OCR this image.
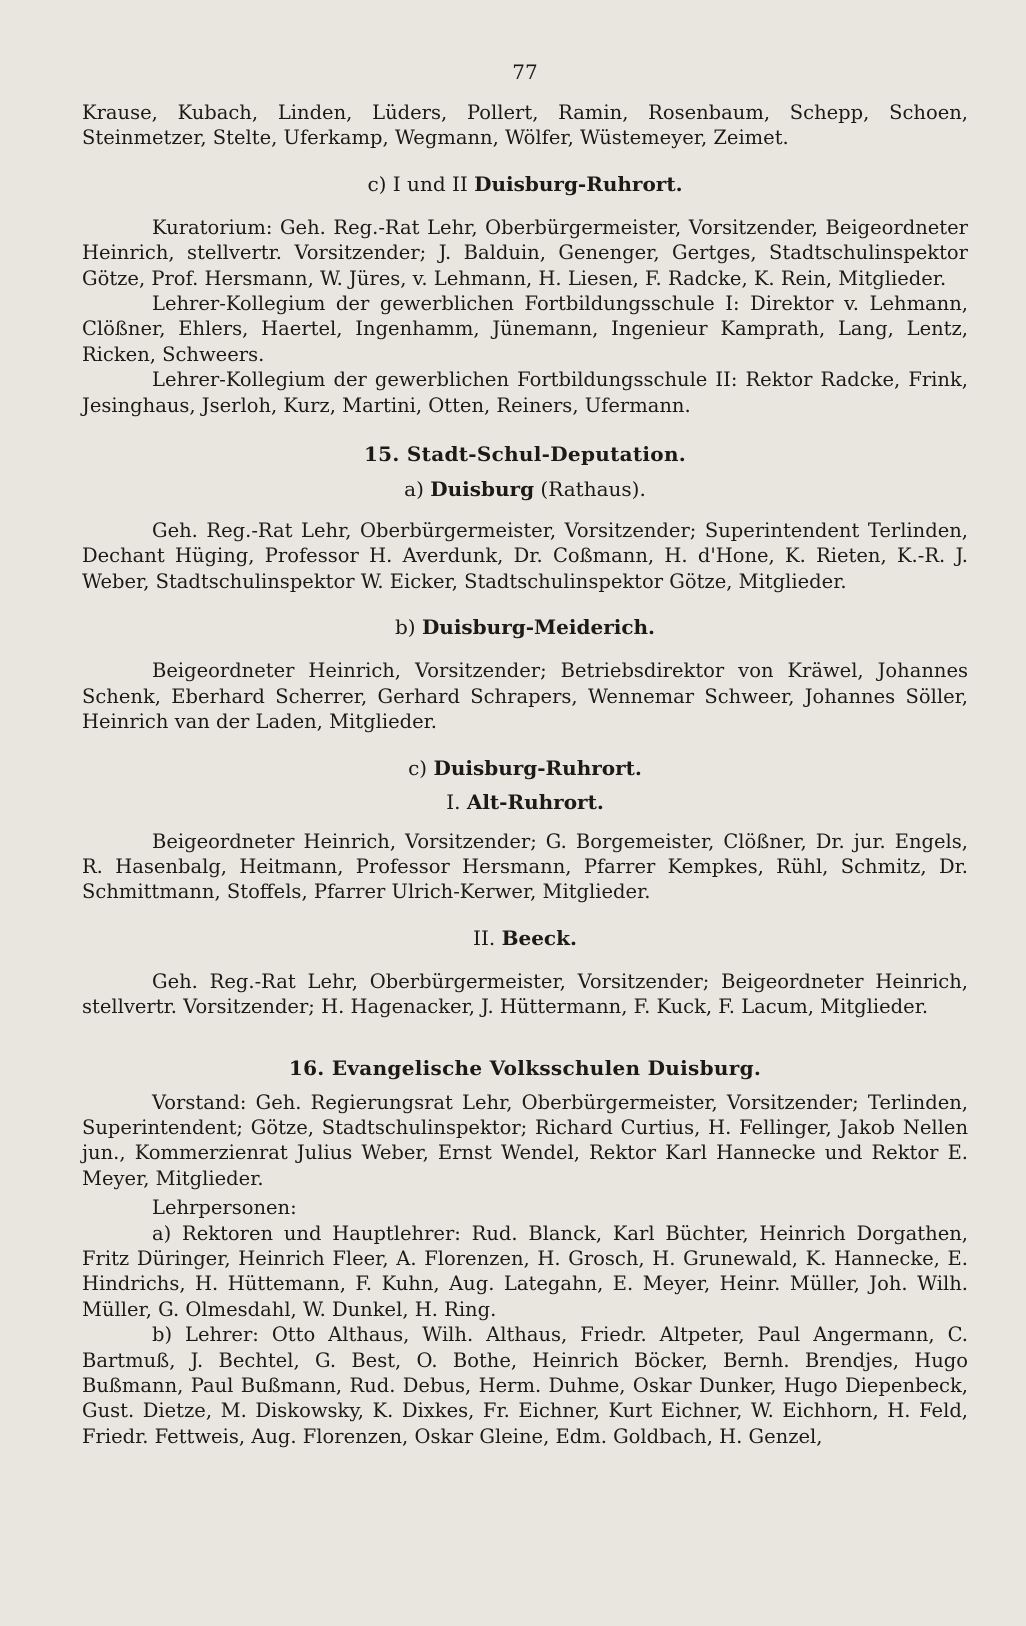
77

Krause, Kubach, Linden, Lüders, Pollert, Ramin, Rosenbaum, Schepp, Schoen, Steinmetzer, Stelte, Uferkamp, Wegmann, Wölfer, Wüstemeyer, Zeimet.

c) I und II Duisburg-Ruhrort.

Kuratorium: Geh. Reg.-Rat Lehr, Oberbürgermeister, Vorsitzender, Beigeordneter Heinrich, stellvertr. Vorsitzender; J. Balduin, Genenger, Gertges, Stadtschulinspektor Götze, Prof. Hersmann, W. Jüres, v. Lehmann, H. Liesen, F. Radcke, K. Rein, Mitglieder.

Lehrer-Kollegium der gewerblichen Fortbildungsschule I: Direktor v. Lehmann, Clößner, Ehlers, Haertel, Ingenhamm, Jünemann, Ingenieur Kamprath, Lang, Lentz, Ricken, Schweers.

Lehrer-Kollegium der gewerblichen Fortbildungsschule II: Rektor Radcke, Frink, Jesinghaus, Jserloh, Kurz, Martini, Otten, Reiners, Ufermann.

15. Stadt-Schul-Deputation.
a) Duisburg (Rathaus).

Geh. Reg.-Rat Lehr, Oberbürgermeister, Vorsitzender; Superintendent Terlinden, Dechant Hüging, Professor H. Averdunk, Dr. Coßmann, H. d'Hone, K. Rieten, K.-R. J. Weber, Stadtschulinspektor W. Eicker, Stadtschulinspektor Götze, Mitglieder.

b) Duisburg-Meiderich.

Beigeordneter Heinrich, Vorsitzender; Betriebsdirektor von Kräwel, Johannes Schenk, Eberhard Scherrer, Gerhard Schrapers, Wennemar Schweer, Johannes Söller, Heinrich van der Laden, Mitglieder.

c) Duisburg-Ruhrort.
I. Alt-Ruhrort.

Beigeordneter Heinrich, Vorsitzender; G. Borgemeister, Clößner, Dr. jur. Engels, R. Hasenbalg, Heitmann, Professor Hersmann, Pfarrer Kempkes, Rühl, Schmitz, Dr. Schmittmann, Stoffels, Pfarrer Ulrich-Kerwer, Mitglieder.

II. Beeck.

Geh. Reg.-Rat Lehr, Oberbürgermeister, Vorsitzender; Beigeordneter Heinrich, stellvertr. Vorsitzender; H. Hagenacker, J. Hüttermann, F. Kuck, F. Lacum, Mitglieder.

16. Evangelische Volksschulen Duisburg.

Vorstand: Geh. Regierungsrat Lehr, Oberbürgermeister, Vorsitzender; Terlinden, Superintendent; Götze, Stadtschulinspektor; Richard Curtius, H. Fellinger, Jakob Nellen jun., Kommerzienrat Julius Weber, Ernst Wendel, Rektor Karl Hannecke und Rektor E. Meyer, Mitglieder.

Lehrpersonen:

a) Rektoren und Hauptlehrer: Rud. Blanck, Karl Büchter, Heinrich Dorgathen, Fritz Düringer, Heinrich Fleer, A. Florenzen, H. Grosch, H. Grunewald, K. Hannecke, E. Hindrichs, H. Hüttemann, F. Kuhn, Aug. Lategahn, E. Meyer, Heinr. Müller, Joh. Wilh. Müller, G. Olmesdahl, W. Dunkel, H. Ring.

b) Lehrer: Otto Althaus, Wilh. Althaus, Friedr. Altpeter, Paul Angermann, C. Bartmuß, J. Bechtel, G. Best, O. Bothe, Heinrich Böcker, Bernh. Brendjes, Hugo Bußmann, Paul Bußmann, Rud. Debus, Herm. Duhme, Oskar Dunker, Hugo Diepenbeck, Gust. Dietze, M. Diskowsky, K. Dixkes, Fr. Eichner, Kurt Eichner, W. Eichhorn, H. Feld, Friedr. Fettweis, Aug. Florenzen, Oskar Gleine, Edm. Goldbach, H. Genzel,
